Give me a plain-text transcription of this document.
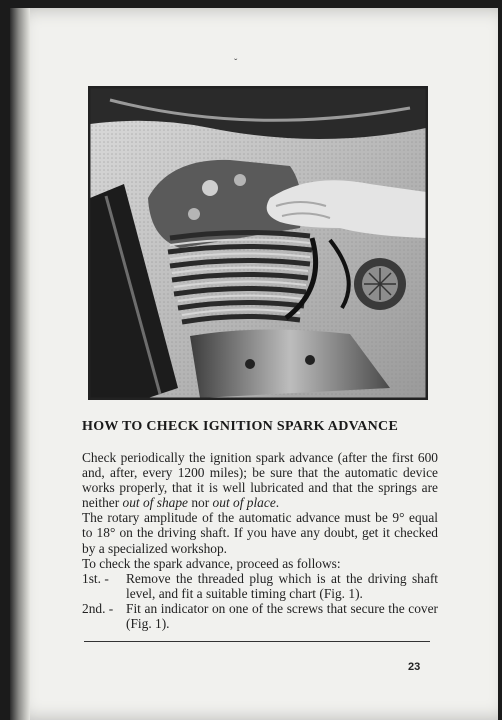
ˇ
HOW TO CHECK IGNITION SPARK ADVANCE

Check periodically the ignition spark advance (after the first 600 and, after, every 1200 miles); be sure that the automatic device works properly, that it is well lubricated and that the springs are neither out of shape nor out of place.

The rotary amplitude of the automatic advance must be 9° equal to 18° on the driving shaft. If you have any doubt, get it checked by a specialized workshop.

To check the spark advance, proceed as follows:

1st. - Remove the threaded plug which is at the driving shaft level, and fit a suitable timing chart (Fig. 1).

2nd. - Fit an indicator on one of the screws that secure the cover (Fig. 1).

23
